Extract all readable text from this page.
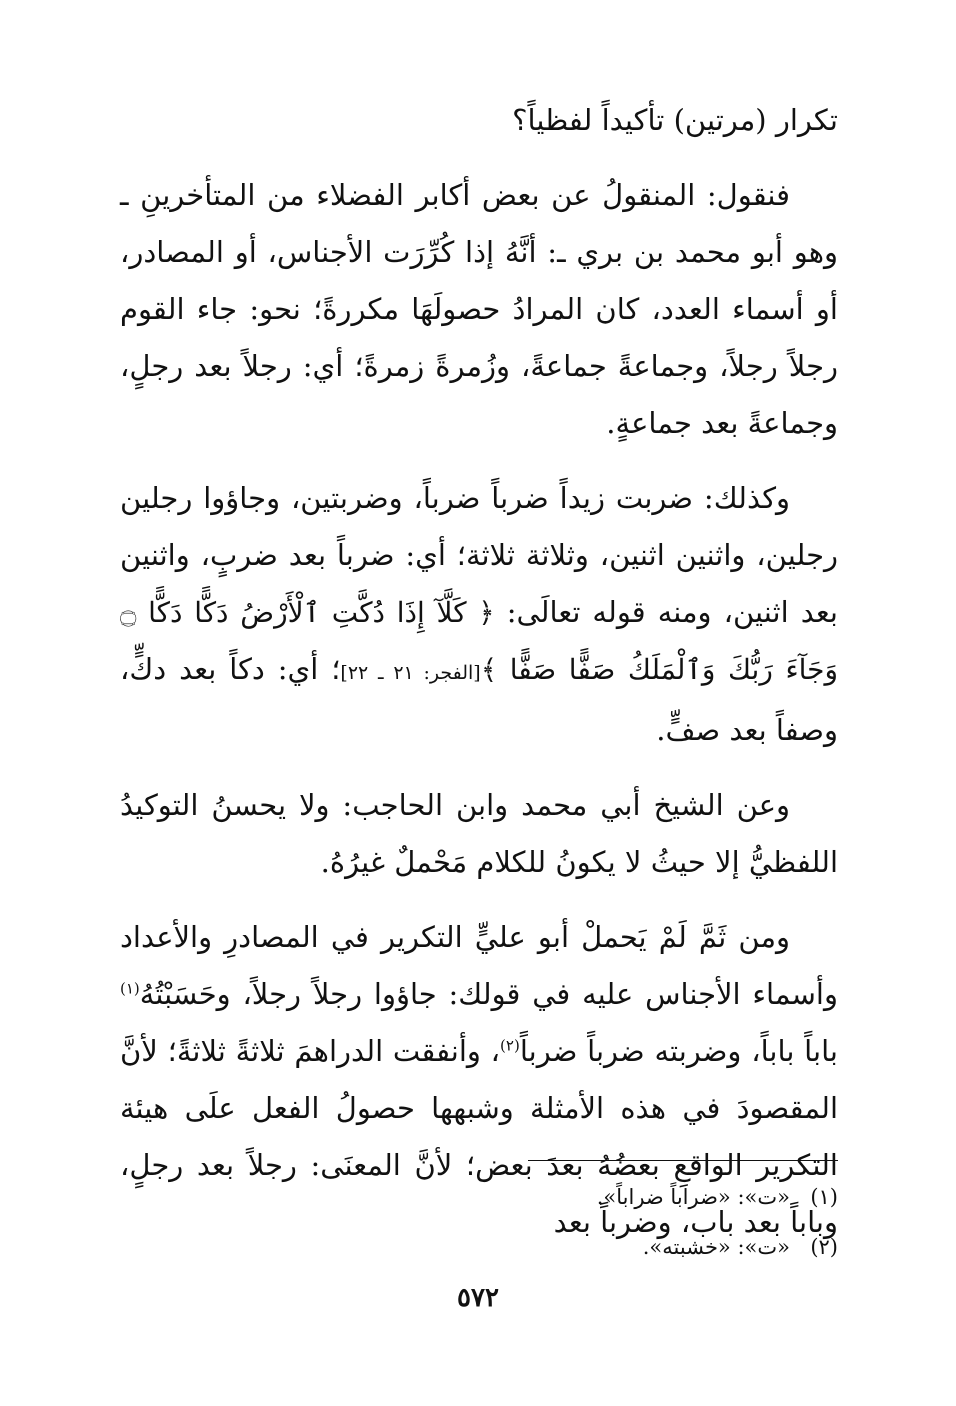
تكرار (مرتين) تأكيداً لفظياً؟

فنقول: المنقولُ عن بعض أكابر الفضلاء من المتأخرينِ ـ وهو أبو محمد بن بري ـ: أنَّهُ إذا كُرِّرَت الأجناس، أو المصادر، أو أسماء العدد، كان المرادُ حصولَهَا مكررةً؛ نحو: جاء القوم رجلاً رجلاً، وجماعةً جماعةً، وزُمرةً زمرةً؛ أي: رجلاً بعد رجلٍ، وجماعةً بعد جماعةٍ.

وكذلك: ضربت زيداً ضرباً ضرباً، وضربتين، وجاؤوا رجلين رجلين، واثنين اثنين، وثلاثة ثلاثة؛ أي: ضرباً بعد ضربٍ، واثنين بعد اثنين، ومنه قوله تعالَى: ﴿ كَلَّآ إِذَا دُكَّتِ ٱلْأَرْضُ دَكًّا دَكًّا ۝ وَجَآءَ رَبُّكَ وَٱلْمَلَكُ صَفًّا صَفًّا ﴾[الفجر: ٢١ ـ ٢٢]؛ أي: دكاً بعد دكٍّ، وصفاً بعد صفٍّ.

وعن الشيخ أبي محمد وابن الحاجب: ولا يحسنُ التوكيدُ اللفظيُّ إلا حيثُ لا يكونُ للكلام مَحْملٌ غيرُهُ.

ومن ثَمَّ لَمْ يَحملْ أبو عليٍّ التكرير في المصادرِ والأعداد وأسماء الأجناس عليه في قولك: جاؤوا رجلاً رجلاً، وحَسَبْتُهُ$^{(١)}$ باباً باباً، وضربته ضرباً ضرباً$^{(٢)}$، وأنفقت الدراهمَ ثلاثةً ثلاثةً؛ لأنَّ المقصودَ في هذه الأمثلة وشبهها حصولُ الفعل علَى هيئة التكرير الواقعِ بعضُهُ بعدَ بعض؛ لأنَّ المعنَى: رجلاً بعد رجلٍ، وباباً بعد باب، وضرباً بعد

(١)«ت»: «ضراباً ضراباً».

(٢)«ت»: «خشبته».

٥٧٢
